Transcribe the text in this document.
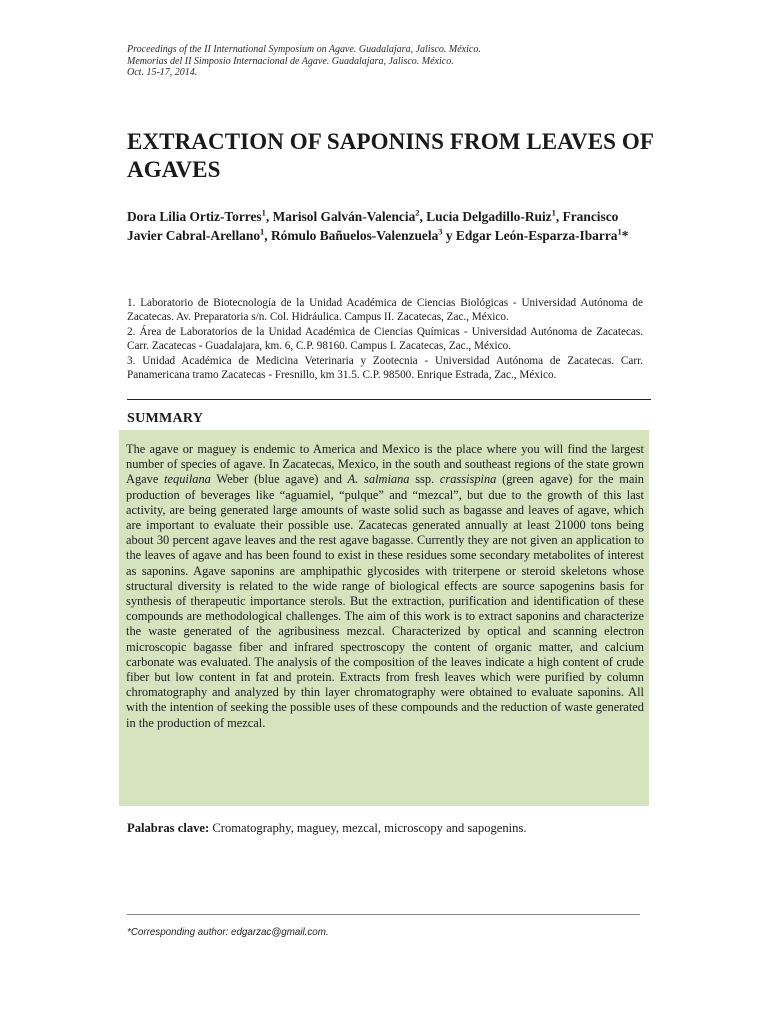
Proceedings of the II International Symposium on Agave. Guadalajara, Jalisco. México.
Memorias del II Simposio Internacional de Agave. Guadalajara, Jalisco. México.
Oct. 15-17, 2014.
EXTRACTION OF SAPONINS FROM LEAVES OF
AGAVES
Dora Lilia Ortiz-Torres$^1$, Marisol Galván-Valencia$^2$, Lucia Delgadillo-Ruiz$^1$, Francisco Javier Cabral-Arellano$^1$, Rómulo Bañuelos-Valenzuela$^3$ y Edgar León-Esparza-Ibarra$^1$*
1. Laboratorio de Biotecnología de la Unidad Académica de Ciencias Biológicas - Universidad Autónoma de Zacatecas. Av. Preparatoria s/n. Col. Hidráulica. Campus II. Zacatecas, Zac., México.
2. Área de Laboratorios de la Unidad Académica de Ciencias Químicas - Universidad Autónoma de Zacatecas. Carr. Zacatecas - Guadalajara, km. 6, C.P. 98160. Campus I. Zacatecas, Zac., México.
3. Unidad Académica de Medicina Veterinaria y Zootecnia - Universidad Autónoma de Zacatecas. Carr. Panamericana tramo Zacatecas - Fresnillo, km 31.5. C.P. 98500. Enrique Estrada, Zac., México.
SUMMARY

The agave or maguey is endemic to America and Mexico is the place where you will find the largest number of species of agave. In Zacatecas, Mexico, in the south and southeast regions of the state grown Agave tequilana Weber (blue agave) and A. salmiana ssp. crassispina (green agave) for the main production of beverages like “aguamiel, “pulque” and “mezcal”, but due to the growth of this last activity, are being generated large amounts of waste solid such as bagasse and leaves of agave, which are important to evaluate their possible use. Zacatecas generated annually at least 21000 tons being about 30 percent agave leaves and the rest agave bagasse. Currently they are not given an application to the leaves of agave and has been found to exist in these residues some secondary metabolites of interest as saponins. Agave saponins are amphipathic glycosides with triterpene or steroid skeletons whose structural diversity is related to the wide range of biological effects are source sapogenins basis for synthesis of therapeutic importance sterols. But the extraction, purification and identification of these compounds are methodological challenges. The aim of this work is to extract saponins and characterize the waste generated of the agribusiness mezcal. Characterized by optical and scanning electron microscopic bagasse fiber and infrared spectroscopy the content of organic matter, and calcium carbonate was evaluated. The analysis of the composition of the leaves indicate a high content of crude fiber but low content in fat and protein. Extracts from fresh leaves which were purified by column chromatography and analyzed by thin layer chromatography were obtained to evaluate saponins. All with the intention of seeking the possible uses of these compounds and the reduction of waste generated in the production of mezcal.

Palabras clave: Cromatography, maguey, mezcal, microscopy and sapogenins.
*Corresponding author: edgarzac@gmail.com.
